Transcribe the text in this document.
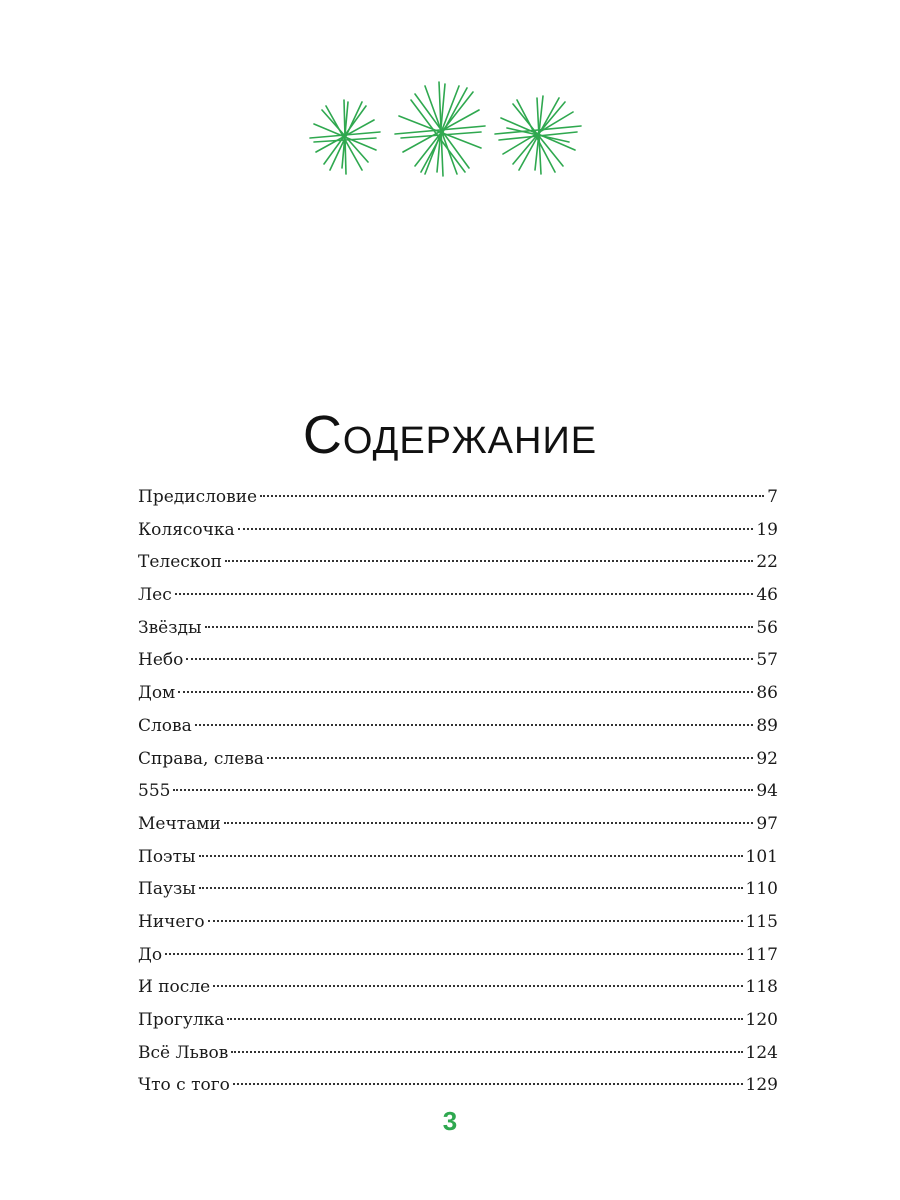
Содержание
Предисловие	7
Колясочка	19
Телескоп	22
Лес	46
Звёзды	56
Небо	57
Дом	86
Слова	89
Справа, слева	92
555	94
Мечтами	97
Поэты	101
Паузы	110
Ничего	115
До	117
И после	118
Прогулка	120
Всё Львов	124
Что с того	129
3
